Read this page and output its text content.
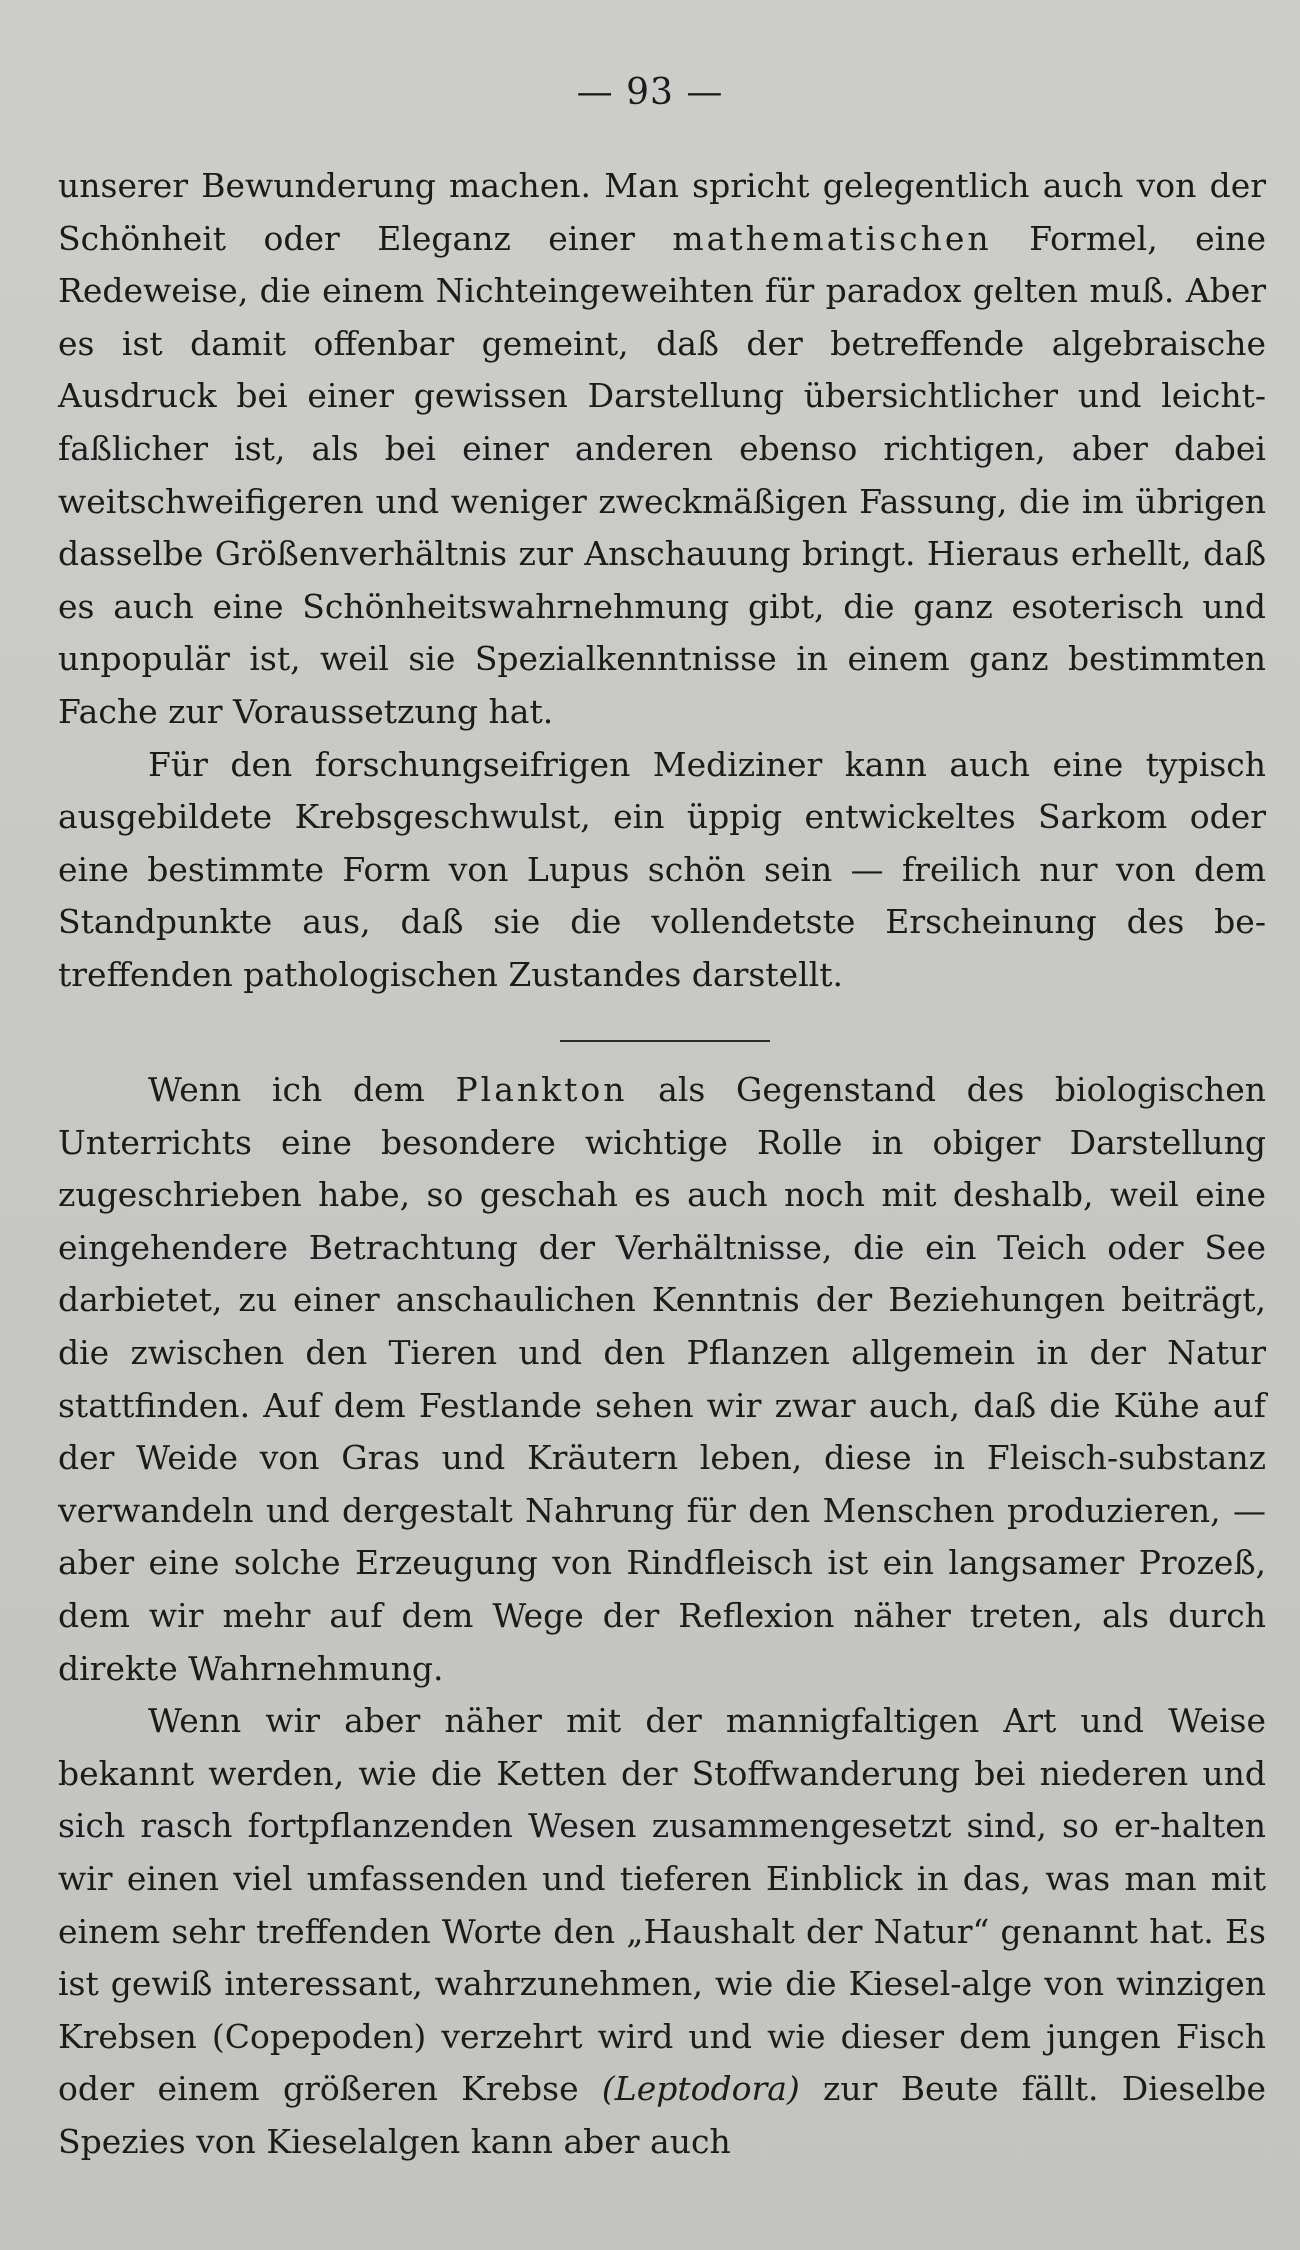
— 93 —

unserer Bewunderung machen. Man spricht gelegentlich auch von der Schönheit oder Eleganz einer mathematischen Formel, eine Redeweise, die einem Nichteingeweihten für paradox gelten muß. Aber es ist damit offenbar gemeint, daß der betreffende algebraische Ausdruck bei einer gewissen Darstellung übersichtlicher und leicht-faßlicher ist, als bei einer anderen ebenso richtigen, aber dabei weitschweifigeren und weniger zweckmäßigen Fassung, die im übrigen dasselbe Größenverhältnis zur Anschauung bringt. Hieraus erhellt, daß es auch eine Schönheitswahrnehmung gibt, die ganz esoterisch und unpopulär ist, weil sie Spezialkenntnisse in einem ganz bestimmten Fache zur Voraussetzung hat.

Für den forschungseifrigen Mediziner kann auch eine typisch ausgebildete Krebsgeschwulst, ein üppig entwickeltes Sarkom oder eine bestimmte Form von Lupus schön sein — freilich nur von dem Standpunkte aus, daß sie die vollendetste Erscheinung des be-treffenden pathologischen Zustandes darstellt.

Wenn ich dem Plankton als Gegenstand des biologischen Unterrichts eine besondere wichtige Rolle in obiger Darstellung zugeschrieben habe, so geschah es auch noch mit deshalb, weil eine eingehendere Betrachtung der Verhältnisse, die ein Teich oder See darbietet, zu einer anschaulichen Kenntnis der Beziehungen beiträgt, die zwischen den Tieren und den Pflanzen allgemein in der Natur stattfinden. Auf dem Festlande sehen wir zwar auch, daß die Kühe auf der Weide von Gras und Kräutern leben, diese in Fleisch-substanz verwandeln und dergestalt Nahrung für den Menschen produzieren, — aber eine solche Erzeugung von Rindfleisch ist ein langsamer Prozeß, dem wir mehr auf dem Wege der Reflexion näher treten, als durch direkte Wahrnehmung.

Wenn wir aber näher mit der mannigfaltigen Art und Weise bekannt werden, wie die Ketten der Stoffwanderung bei niederen und sich rasch fortpflanzenden Wesen zusammengesetzt sind, so er-halten wir einen viel umfassenden und tieferen Einblick in das, was man mit einem sehr treffenden Worte den „Haushalt der Natur“ genannt hat. Es ist gewiß interessant, wahrzunehmen, wie die Kiesel-alge von winzigen Krebsen (Copepoden) verzehrt wird und wie dieser dem jungen Fisch oder einem größeren Krebse (Leptodora) zur Beute fällt. Dieselbe Spezies von Kieselalgen kann aber auch
